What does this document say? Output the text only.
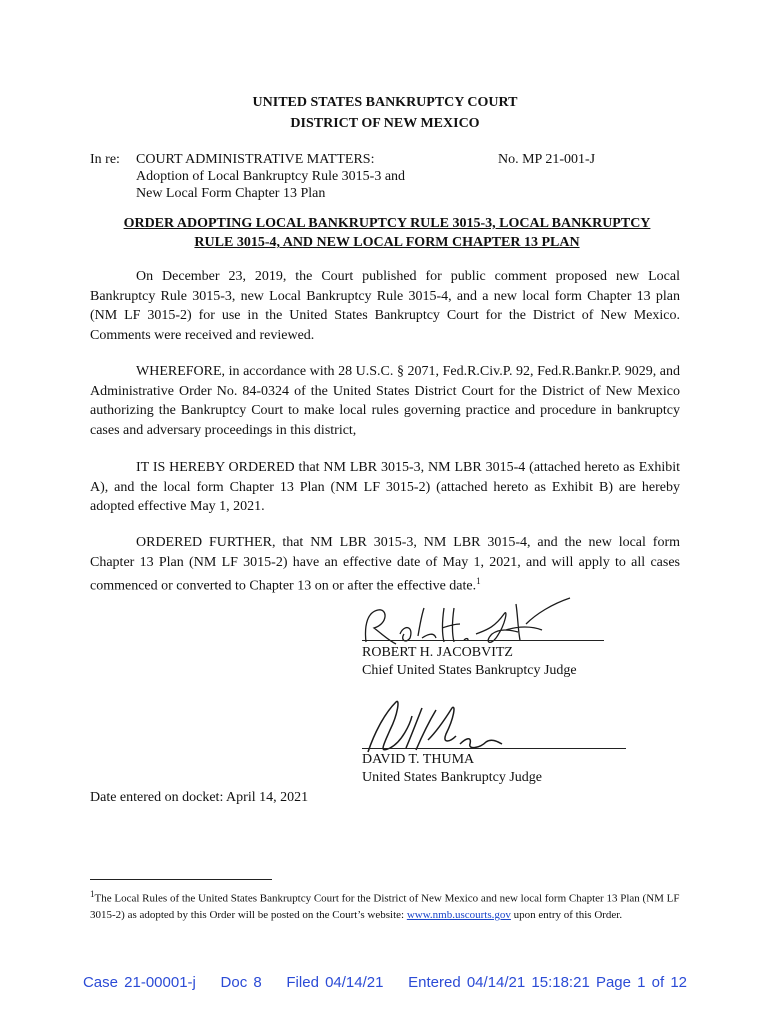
UNITED STATES BANKRUPTCY COURT
DISTRICT OF NEW MEXICO
In re: COURT ADMINISTRATIVE MATTERS:
Adoption of Local Bankruptcy Rule 3015-3 and
New Local Form Chapter 13 Plan
No. MP 21-001-J
ORDER ADOPTING LOCAL BANKRUPTCY RULE 3015-3, LOCAL BANKRUPTCY
RULE 3015-4, AND NEW LOCAL FORM CHAPTER 13 PLAN
On December 23, 2019, the Court published for public comment proposed new Local Bankruptcy Rule 3015-3, new Local Bankruptcy Rule 3015-4, and a new local form Chapter 13 plan (NM LF 3015-2) for use in the United States Bankruptcy Court for the District of New Mexico. Comments were received and reviewed.
WHEREFORE, in accordance with 28 U.S.C. § 2071, Fed.R.Civ.P. 92, Fed.R.Bankr.P. 9029, and Administrative Order No. 84-0324 of the United States District Court for the District of New Mexico authorizing the Bankruptcy Court to make local rules governing practice and procedure in bankruptcy cases and adversary proceedings in this district,
IT IS HEREBY ORDERED that NM LBR 3015-3, NM LBR 3015-4 (attached hereto as Exhibit A), and the local form Chapter 13 Plan (NM LF 3015-2) (attached hereto as Exhibit B) are hereby adopted effective May 1, 2021.
ORDERED FURTHER, that NM LBR 3015-3, NM LBR 3015-4, and the new local form Chapter 13 Plan (NM LF 3015-2) have an effective date of May 1, 2021, and will apply to all cases commenced or converted to Chapter 13 on or after the effective date.$^1$
ROBERT H. JACOBVITZ
Chief United States Bankruptcy Judge
DAVID T. THUMA
United States Bankruptcy Judge
Date entered on docket: April 14, 2021
$^1$The Local Rules of the United States Bankruptcy Court for the District of New Mexico and new local form Chapter 13 Plan (NM LF 3015-2) as adopted by this Order will be posted on the Court’s website: www.nmb.uscourts.gov upon entry of this Order.
Case 21-00001-j    Doc 8    Filed 04/14/21    Entered 04/14/21 15:18:21 Page 1 of 12
